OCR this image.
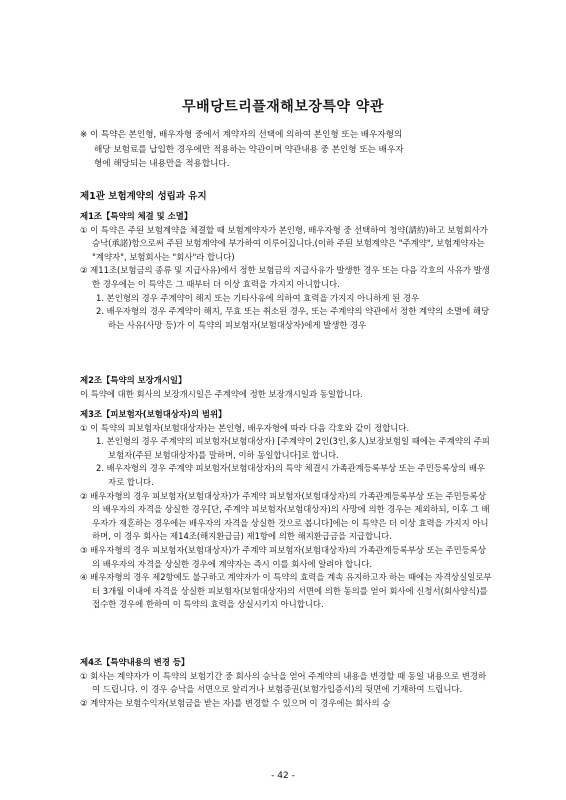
무배당트리플재해보장특약 약관
※ 이 특약은 본인형, 배우자형 중에서 계약자의 선택에 의하여 본인형 또는 배우자형의
해당 보험료를 납입한 경우에만 적용하는 약관이며 약관내용 중 본인형 또는 배우자
형에 해당되는 내용만을 적용합니다.
제1관 보험계약의 성립과 유지
제1조【특약의 체결 및 소멸】
① 이 특약은 주된 보험계약을 체결할 때 보험계약자가 본인형, 배우자형 중 선택하여 청약(請約)하고 보험회사가 승낙(承諾)함으로써 주된 보험계약에 부가하여 이루어집니다.(이하 주된 보험계약은 "주계약", 보험계약자는 "계약자", 보험회사는 "회사"라 합니다)
② 제11조(보험금의 종류 및 지급사유)에서 정한 보험금의 지급사유가 발생한 경우 또는 다음 각호의 사유가 발생한 경우에는 이 특약은 그 때부터 더 이상 효력을 가지지 아니합니다.
1. 본인형의 경우 주계약이 해지 또는 기타사유에 의하여 효력을 가지지 아니하게 된 경우
2. 배우자형의 경우 주계약이 해지, 무효 또는 취소된 경우, 또는 주계약의 약관에서 정한 계약의 소멸에 해당하는 사유(사망 등)가 이 특약의 피보험자(보험대상자)에게 발생한 경우
제2조【특약의 보장개시일】
이 특약에 대한 회사의 보장개시일은 주계약에 정한 보장개시일과 동일합니다.
제3조【피보험자(보험대상자)의 범위】
① 이 특약의 피보험자(보험대상자)는 본인형, 배우자형에 따라 다음 각호와 같이 정합니다.
1. 본인형의 경우 주계약의 피보험자(보험대상자) [주계약이 2인(3인,多人)보장보험일 때에는 주계약의 주피보험자(주된 보험대상자)를 말하며, 이하 동일합니다]로 합니다.
2. 배우자형의 경우 주계약 피보험자(보험대상자)의 특약 체결시 가족관계등록부상 또는 주민등록상의 배우자로 합니다.
② 배우자형의 경우 피보험자(보험대상자)가 주계약 피보험자(보험대상자)의 가족관계등록부상 또는 주민등록상의 배우자의 자격을 상실한 경우[단, 주계약 피보험자(보험대상자)의 사망에 의한 경우는 제외하되, 이후 그 배우자가 재혼하는 경우에는 배우자의 자격을 상실한 것으로 봅니다]에는 이 특약은 더 이상 효력을 가지지 아니하며, 이 경우 회사는 제14조(해지환급금) 제1항에 의한 해지환급금을 지급합니다.
③ 배우자형의 경우 피보험자(보험대상자)가 주계약 피보험자(보험대상자)의 가족관계등록부상 또는 주민등록상의 배우자의 자격을 상실한 경우에 계약자는 즉시 이를 회사에 알려야 합니다.
④ 배우자형의 경우 제2항에도 불구하고 계약자가 이 특약의 효력을 계속 유지하고자 하는 때에는 자격상실일로부터 3개월 이내에 자격을 상실한 피보험자(보험대상자)의 서면에 의한 동의를 얻어 회사에 신청서(회사양식)를 접수한 경우에 한하여 이 특약의 효력을 상실시키지 아니합니다.
제4조【특약내용의 변경 등】
① 회사는 계약자가 이 특약의 보험기간 중 회사의 승낙을 얻어 주계약의 내용을 변경할 때 동일 내용으로 변경하여 드립니다. 이 경우 승낙을 서면으로 알리거나 보험증권(보험가입증서)의 뒷면에 기재하여 드립니다.
② 계약자는 보험수익자(보험금을 받는 자)를 변경할 수 있으며 이 경우에는 회사의 승
- 42 -
